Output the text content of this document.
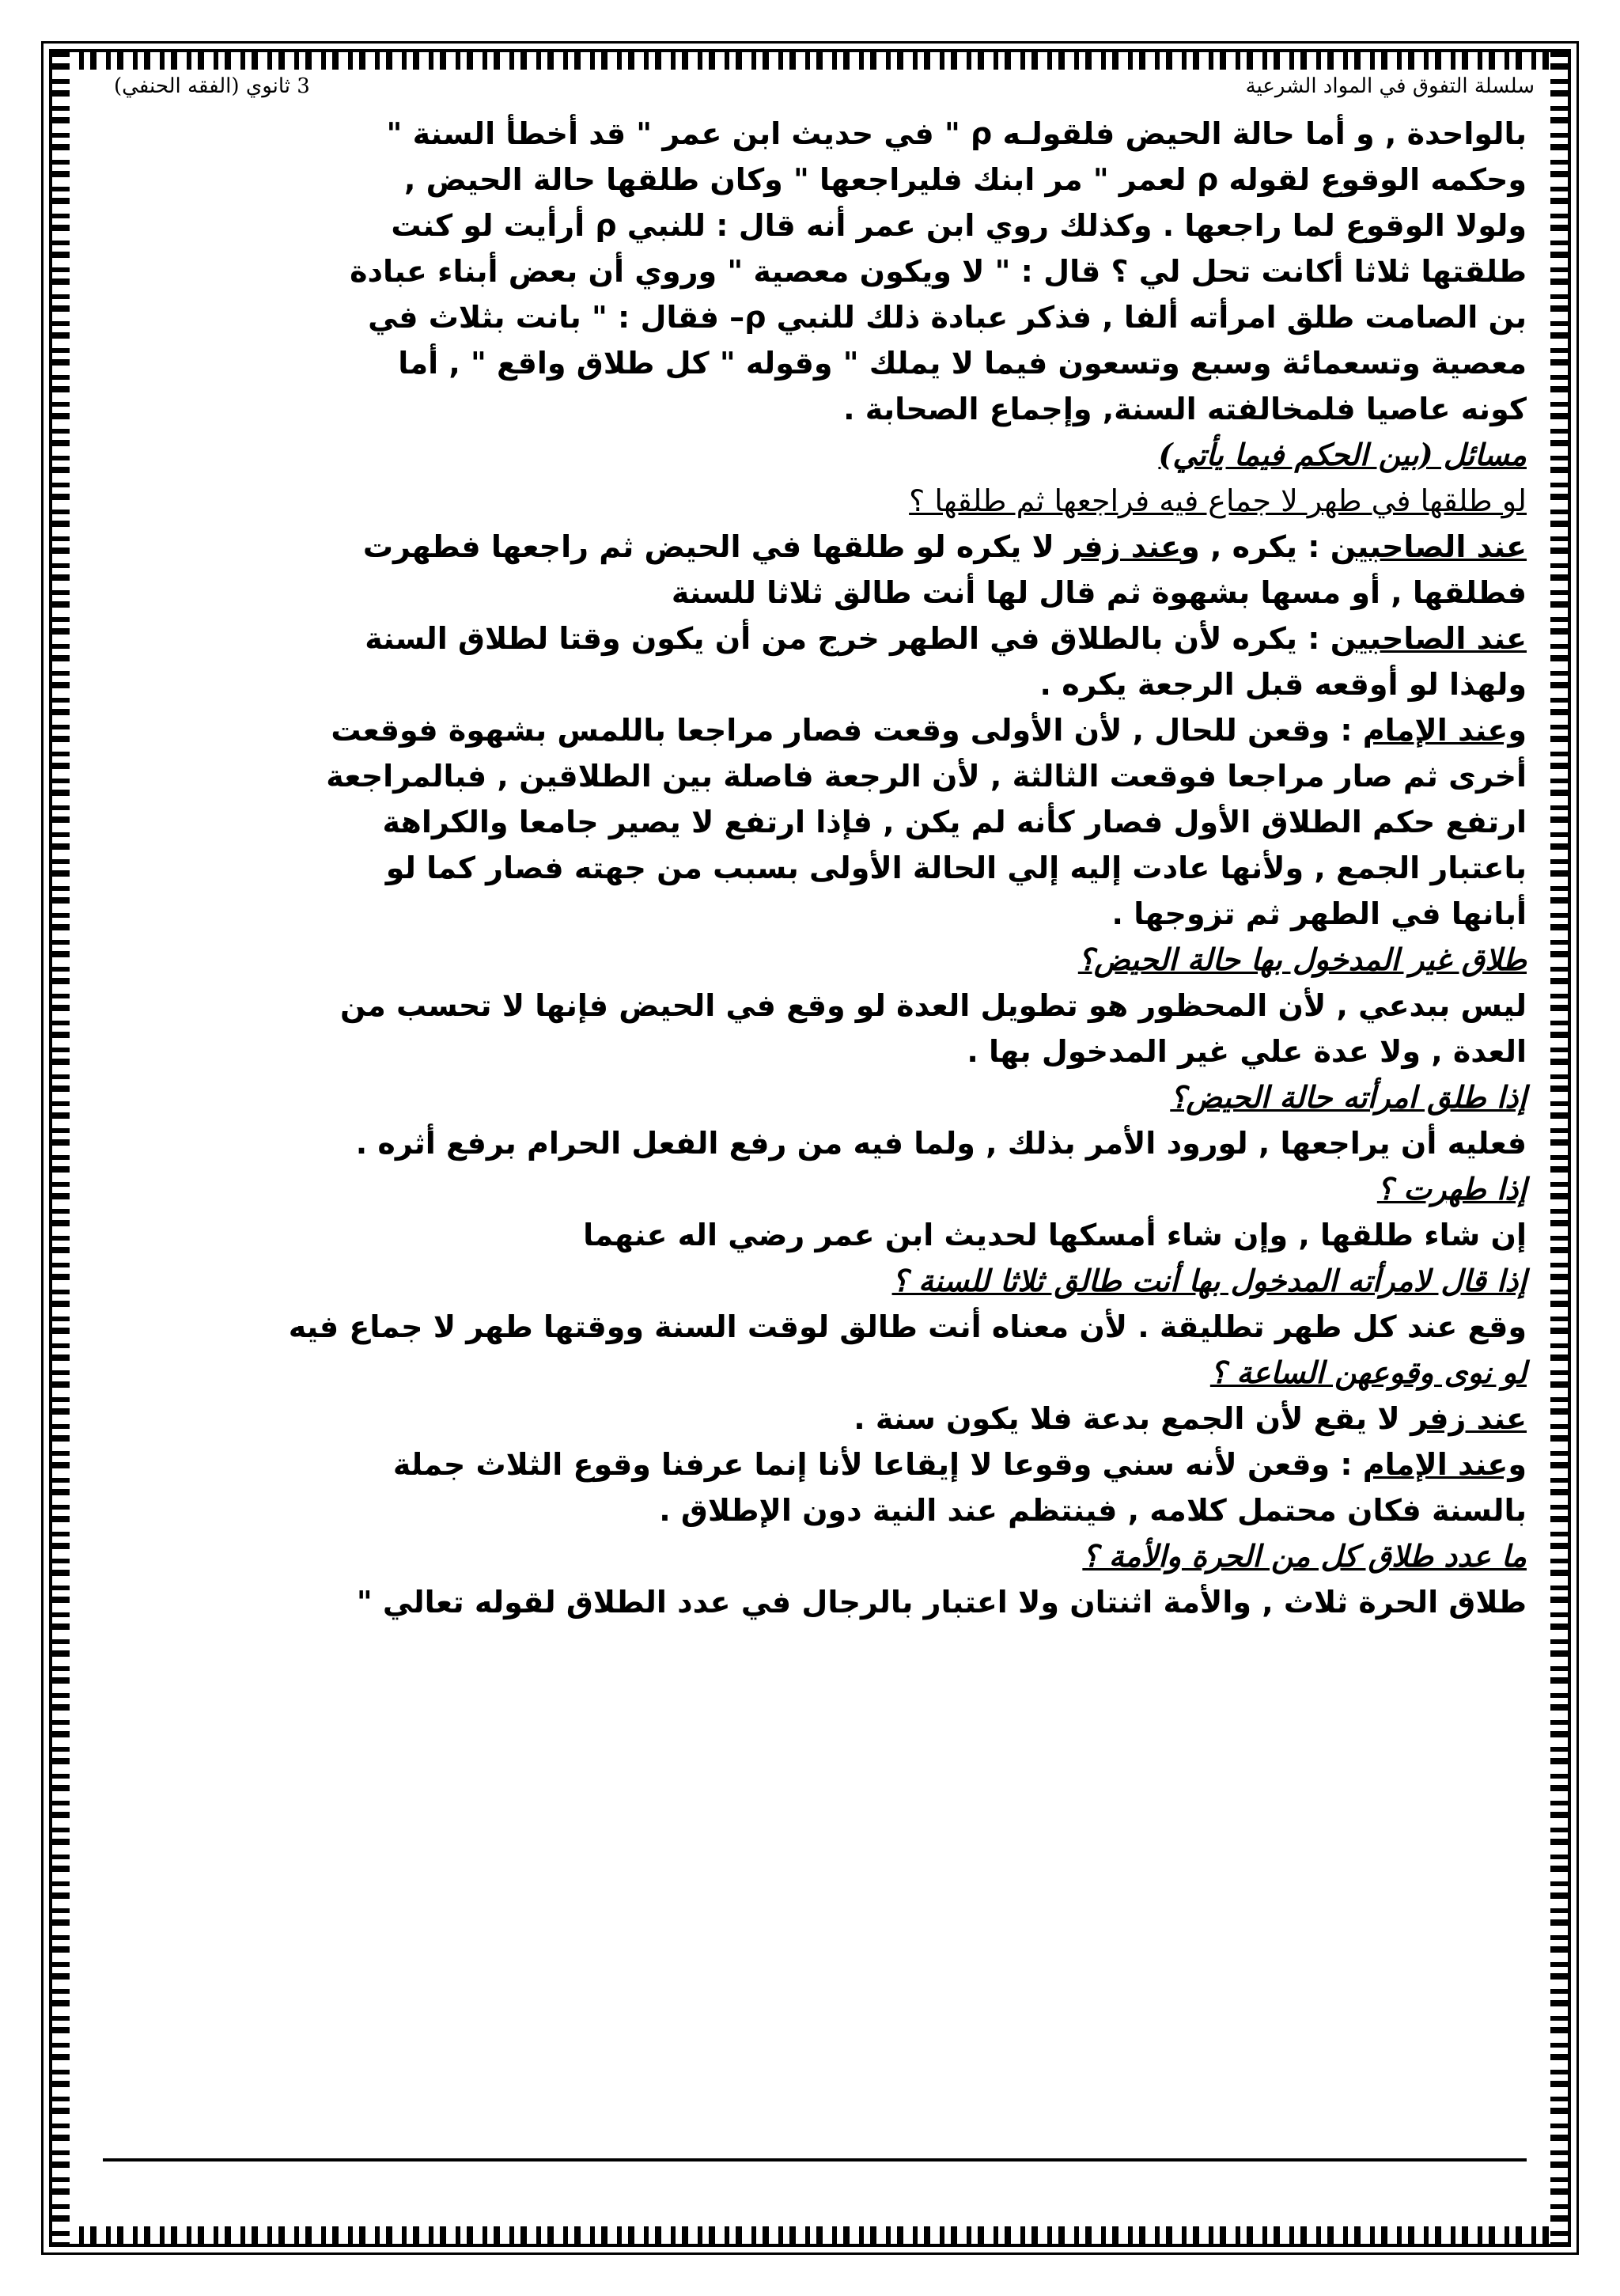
(الفقه الحنفي) 3 ثانوي	سلسلة التفوق في المواد الشرعية

بالواحدة , و أما حالة الحيض فلقولـه ρ " في حديث ابن عمر " قد أخطأ السنة "

وحكمه الوقوع لقوله ρ لعمر " مر ابنك فليراجعها " وكان طلقها حالة الحيض ,

ولولا الوقوع لما راجعها . وكذلك روي ابن عمر أنه قال : للنبي ρ أرأيت لو كنت

طلقتها ثلاثا أكانت تحل لي ؟ قال : " لا ويكون معصية " وروي أن بعض أبناء عبادة

بن الصامت طلق امرأته ألفا , فذكر عبادة ذلك للنبي ρ– فقال : " بانت بثلاث في

معصية وتسعمائة وسبع وتسعون فيما لا يملك " وقوله " كل طلاق واقع " , أما

كونه عاصيا فلمخالفته السنة, وإجماع الصحابة .

مسائل (بين الحكم فيما يأتي)

لو طلقها في طهر لا جماع فيه فراجعها ثم طلقها ؟

عند الصاحبين : يكره , وعند زفر لا يكره لو طلقها في الحيض ثم راجعها فطهرت

فطلقها , أو مسها بشهوة ثم قال لها أنت طالق ثلاثا للسنة

عند الصاحبين : يكره لأن بالطلاق في الطهر خرج من أن يكون وقتا لطلاق السنة

ولهذا لو أوقعه قبل الرجعة يكره .

وعند الإمام : وقعن للحال , لأن الأولى وقعت فصار مراجعا باللمس بشهوة فوقعت

أخرى ثم صار مراجعا فوقعت الثالثة , لأن الرجعة فاصلة بين الطلاقين , فبالمراجعة

ارتفع حكم الطلاق الأول فصار كأنه لم يكن , فإذا ارتفع لا يصير جامعا والكراهة

باعتبار الجمع , ولأنها عادت إليه إلي الحالة الأولى بسبب من جهته فصار كما لو

أبانها في الطهر ثم تزوجها .

طلاق غير المدخول بها حالة الحيض؟

ليس ببدعي , لأن المحظور هو تطويل العدة لو وقع في الحيض فإنها لا تحسب من

العدة , ولا عدة علي غير المدخول بها .

إذا طلق امرأته حالة الحيض؟

فعليه أن يراجعها , لورود الأمر بذلك , ولما فيه من رفع الفعل الحرام برفع أثره .

إذا طهرت ؟

إن شاء طلقها , وإن شاء أمسكها لحديث ابن عمر رضي اله عنهما

إذا قال لامرأته المدخول بها أنت طالق ثلاثا للسنة ؟

وقع عند كل طهر تطليقة . لأن معناه أنت طالق لوقت السنة ووقتها طهر لا جماع فيه

لو نوى وقوعهن الساعة ؟

عند زفر لا يقع لأن الجمع بدعة فلا يكون سنة .

وعند الإمام : وقعن لأنه سني وقوعا لا إيقاعا لأنا إنما عرفنا وقوع الثلاث جملة

بالسنة فكان محتمل كلامه , فينتظم عند النية دون الإطلاق .

ما عدد طلاق كل من الحرة والأمة ؟

طلاق الحرة ثلاث , والأمة اثنتان ولا اعتبار بالرجال في عدد الطلاق لقوله تعالي "
